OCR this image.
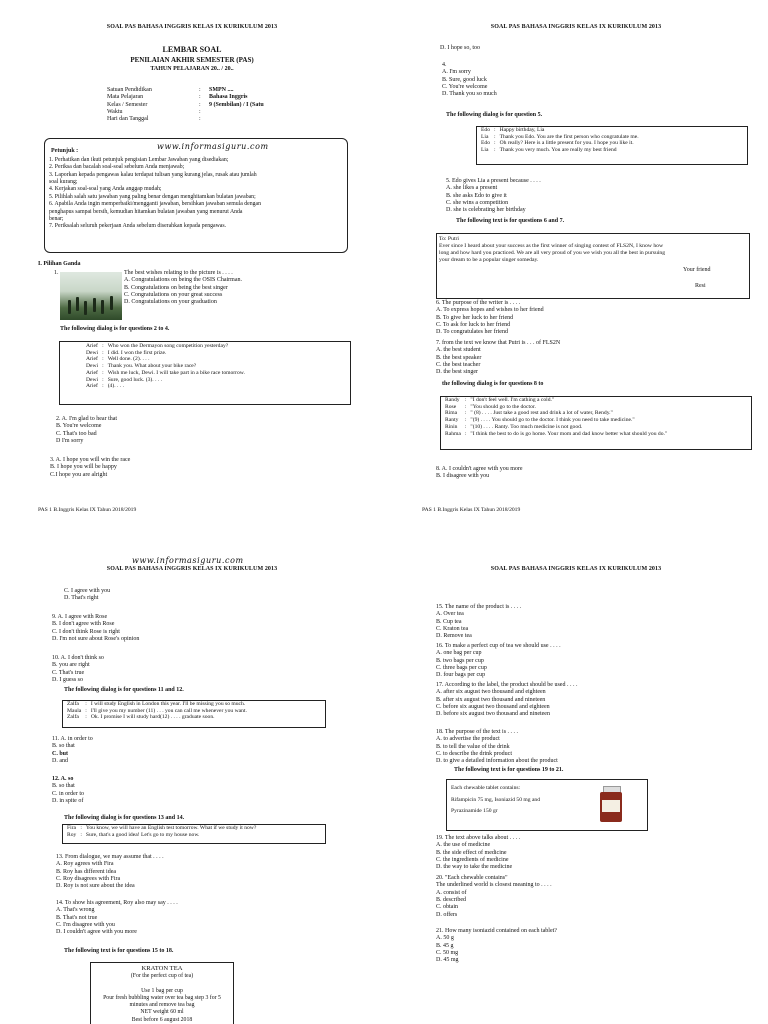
SOAL PAS BAHASA INGGRIS KELAS IX KURIKULUM 2013
LEMBAR SOAL
PENILAIAN AKHIR SEMESTER (PAS)
TAHUN PELAJARAN 20.. / 20..
Satuan Pendidikan	:	SMPN ....
Mata Pelajaran	:	Bahasa Inggris
Kelas / Semester	:	9 (Sembilan) / I (Satu
Waktu	:	
Hari dan Tanggal	:	
Petunjuk :	www.informasiguru.com
1. Perhatikan dan ikuti petunjuk pengisian Lembar Jawaban yang disediakan;
2. Periksa dan bacalah soal-soal sebelum Anda menjawab;
3. Laporkan kepada pengawas kalau terdapat tulisan yang kurang jelas, rusak atau jumlah
soal kurang;
4. Kerjakan soal-soal yang Anda anggap mudah;
5. Pilihlah salah satu jawaban yang paling benar dengan menghitamkan bulatan jawaban;
6. Apabila Anda ingin memperbaiki/mengganti jawaban, bersihkan jawaban semula dengan
penghapus sampai bersih, kemudian hitamkan bulatan jawaban yang menurut Anda
benar;
7. Periksalah seluruh pekerjaan Anda sebelum diserahkan kepada pengawas.
I. Pilihan Ganda
1.	The best wishes relating to the picture is . . . .
A. Congratulations on being the OSIS Chairman.
B. Congratulations on being the best singer
C. Congratulations on your great success
D. Congratulations on your graduation
The following dialog is for questions 2 to 4.
Arief	:	Who won the Dermayon song competition yesterday?
Dewi	:	I did. I won the first prize.
Arief	:	Well done. (2). . . .
Dewi	:	Thank you. What about your bike race?
Arief	:	Wish me luck, Dewi. I will take part in a bike race tomorrow.
Dewi	:	Sure, good luck. (3). . . .
Arief	:	(4). . . .
2. A. I'm glad to hear that
B. You're welcome
C. That's too bad
D I'm sorry
3. A. I hope you will win the race
B. I hope you will be happy
C.I hope you are alright
PAS 1 B.Inggris Kelas IX Tahun 2018/2019
SOAL PAS BAHASA INGGRIS KELAS IX KURIKULUM 2013
D. I hope so, too
4.
A. I'm sorry
B. Sure, good luck
C. You're welcome
D. Thank you so much
The following dialog is for question 5.
Edo	:	Happy birthday, Lia
Lia	:	Thank you Edo. You are the first person who congratulate me.
Edo	:	Oh really? Here is a little present for you. I hope you like it.
Lia	:	Thank you very much. You are really my best friend
5. Edo gives Lia a present because . . . .
A. she likes a present
B. she asks Edo to give it
C. she wins a competition
D. she is celebrating her birthday
The following text is for questions 6 and 7.
To: Putri
Ever since I heard about your success as the first winner of singing contest of FLS2N, I know how
long and how hard you practiced. We are all very proud of you we wish you all the best in pursuing
your dream to be a popular singer someday.
Your friend
Resi
6. The purpose of the writer is . . . .
A. To express hopes and wishes to her friend
B. To give her luck to her friend
C. To ask for luck to her friend
D. To congratulates her friend
7. from the text we know that Putri is . . . of FLS2N
A. the best student
B. the best speaker
C. the best teacher
D. the best singer
the following dialog is for questions 8 to
Randy	:	"I don't feel well. I'm cathing a cold."
Rose	:	"You should go to the doctor.
Rima	:	" (8) . . . . Just take a good rest and drink a lot of water, Rendy."
Ranty	:	"(9) . . . . You should go to the doctor. I think you need to take medicine."
Rinin	:	"(10) . . . . Ranty. Too much medicine is not good.
Rahma	:	"I think the best to do is go home. Your mom and dad know better what should you do."
8. A. I couldn't agree with you more
B. I disagree with you
PAS 1 B.Inggris Kelas IX Tahun 2018/2019
www.informasiguru.com
SOAL PAS BAHASA INGGRIS KELAS IX KURIKULUM 2013
C. I agree with you
D. That's right
9. A. I agree with Rose
B. I don't agree with Rose
C. I don't think Rose is right
D. I'm not sure about Rose's opinion
10. A. I don't think so
B. you are right
C. That's true
D. I guess so
The following dialog is for questions 11 and 12.
Zalfa	:	I will study English in London this year. I'll be missing you so much.
Maula	:	I'll give you my number (11) . . . you can call me whenever you want.
Zalfa	:	Ok. I promise I will study hard(12) . . . . graduate soon.
11. A. in order to
B. so that
C. but
D. and
12. A. so
B. so that
C. in order to
D. in spite of
The following dialog is for questions 13 and 14.
Fira	:	You know, we will have an English test tomorrow. What if we study it now?
Roy	:	Sure, that's a good idea! Let's go to my house now.
13. From dialogue, we may assume that . . . .
A. Roy agrees with Fira
B. Roy has different idea
C. Roy disagrees with Fira
D. Roy is not sure about the idea
14. To show his agreement, Roy also may say . . . .
A. That's wrong
B. That's not true
C. I'm disagree with you
D. I couldn't agree with you more
The following text is for questions 15 to 18.
KRATON TEA
(For the perfect cup of tea)

Use 1 bag per cup
Pour fresh bubbling water over tea bag step 3 for 5
minutes and remove tea bag
NET weight 60 ml
Best before 6 august 2018
SOAL PAS BAHASA INGGRIS KELAS IX KURIKULUM 2013
15. The name of the product is . . . .
A. Over tea
B. Cup tea
C. Kraton tea
D. Remove tea
16. To make a perfect cup of tea we should use . . . .
A. one bag per cup
B. two bags per cup
C. three bags per cup
D. four bags per cup
17. According to the label, the product should be used . . . .
A. after six august two thousand and eighteen
B. after six august two thousand and nineteen
C. before six august two thousand and eighteen
D. before six august two thousand and nineteen
18. The purpose of the text is . . . .
A. to advertise the product
B. to tell the value of the drink
C. to describe the drink product
D. to give a detailed information about the product
The following text is for questions 19 to 21.
Each chewable tablet contains:
Rifampicin 75 mg, Isoniazid 50 mg and
Pyrazinamide 150 gr
19. The text above talks about . . . .
A. the use of medicine
B. the side effect of medicine
C. the ingredients of medicine
D. the way to take the medicine
20. "Each chewable contains"
The underlined world is closest meaning to . . . .
A. consist of
B. described
C. obtain
D. offers
21. How many isoniazid contained on each tablet?
A. 50 g
B. 45 g
C. 50 mg
D. 45 mg
